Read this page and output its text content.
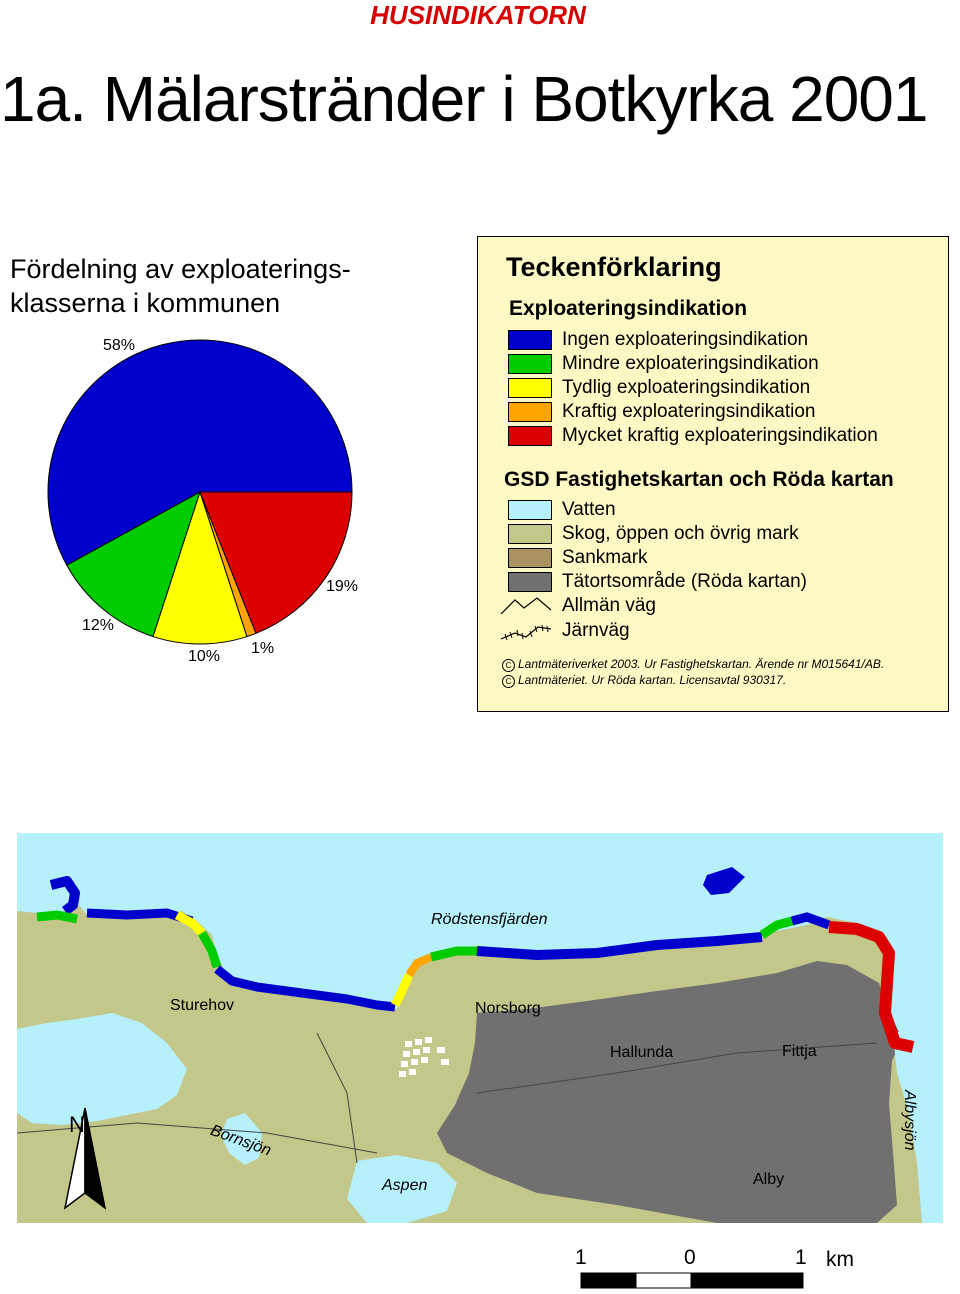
HUSINDIKATORN
1a. Mälarstränder i Botkyrka 2001
Fördelning av exploaterings-
klasserna i kommunen
58%
12%
10% 1%
19%
Teckenförklaring
Exploateringsindikation
Ingen exploateringsindikation
Mindre exploateringsindikation
Tydlig exploateringsindikation
Kraftig exploateringsindikation
Mycket kraftig exploateringsindikation
GSD Fastighetskartan och Röda kartan
Vatten
Skog, öppen och övrig mark
Sankmark
Tätortsområde (Röda kartan)
Allmän väg
Järnväg
C Lantmäteriverket 2003. Ur Fastighetskartan. Ärende nr M015641/AB.
C Lantmäteriet. Ur Röda kartan. Licensavtal 930317.
Rödstensfjärden
Sturehov	Norsborg
Hallunda	Fittja
Bornsjön
Aspen	Alby
Albysjön
N
1	0	1 km
